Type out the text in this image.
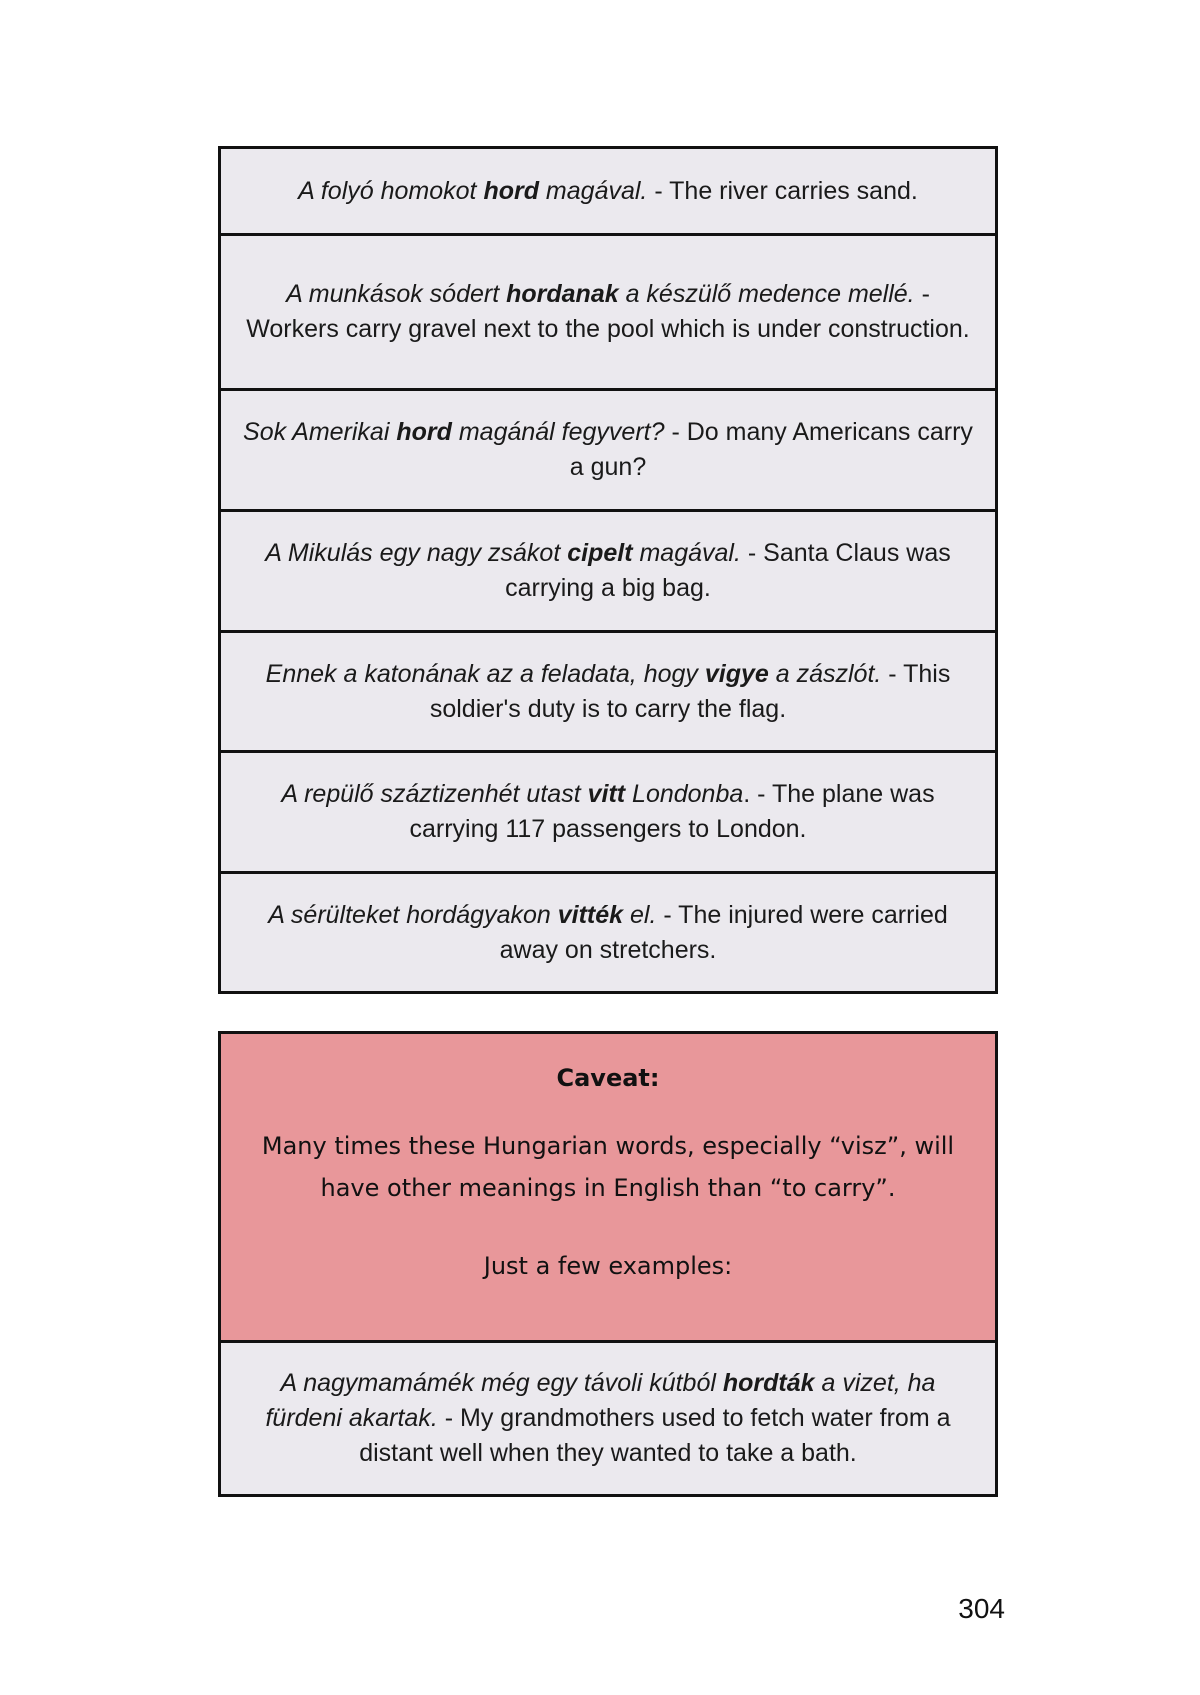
A folyó homokot hord magával. - The river carries sand.
A munkások sódert hordanak a készülő medence mellé. - Workers carry gravel next to the pool which is under construction.
Sok Amerikai hord magánál fegyvert? - Do many Americans carry a gun?
A Mikulás egy nagy zsákot cipelt magával. - Santa Claus was carrying a big bag.
Ennek a katonának az a feladata, hogy vigye a zászlót. - This soldier's duty is to carry the flag.
A repülő száztizenhét utast vitt Londonba. - The plane was carrying 117 passengers to London.
A sérülteket hordágyakon vitték el. - The injured were carried away on stretchers.

Caveat:

Many times these Hungarian words, especially “visz”, will have other meanings in English than “to carry”.

Just a few examples:

A nagymamámék még egy távoli kútból hordták a vizet, ha fürdeni akartak. - My grandmothers used to fetch water from a distant well when they wanted to take a bath.
304
